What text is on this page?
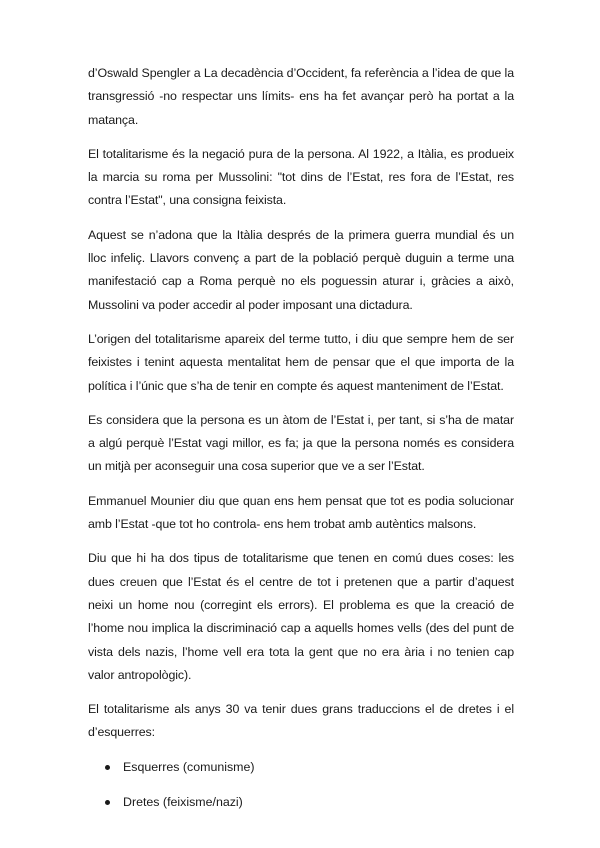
d’Oswald Spengler a La decadència d’Occident, fa referència a l’idea de que la transgressió -no respectar uns límits- ens ha fet avançar però ha portat a la matança.

El totalitarisme és la negació pura de la persona. Al 1922, a Itàlia, es produeix la marcia su roma per Mussolini: "tot dins de l’Estat, res fora de l’Estat, res contra l’Estat", una consigna feixista.

Aquest se n’adona que la Itàlia després de la primera guerra mundial és un lloc infeliç. Llavors convenç a part de la població perquè duguin a terme una manifestació cap a Roma perquè no els poguessin aturar i, gràcies a això, Mussolini va poder accedir al poder imposant una dictadura.

L’origen del totalitarisme apareix del terme tutto, i diu que sempre hem de ser feixistes i tenint aquesta mentalitat hem de pensar que el que importa de la política i l’únic que s’ha de tenir en compte és aquest manteniment de l’Estat.

Es considera que la persona es un àtom de l’Estat i, per tant, si s’ha de matar a algú perquè l’Estat vagi millor, es fa; ja que la persona només es considera un mitjà per aconseguir una cosa superior que ve a ser l’Estat.

Emmanuel Mounier diu que quan ens hem pensat que tot es podia solucionar amb l’Estat -que tot ho controla- ens hem trobat amb autèntics malsons.

Diu que hi ha dos tipus de totalitarisme que tenen en comú dues coses: les dues creuen que l’Estat és el centre de tot i pretenen que a partir d’aquest neixi un home nou (corregint els errors). El problema es que la creació de l’home nou implica la discriminació cap a aquells homes vells (des del punt de vista dels nazis, l’home vell era tota la gent que no era ària i no tenien cap valor antropològic).

El totalitarisme als anys 30 va tenir dues grans traduccions el de dretes i el d’esquerres:

Esquerres (comunisme)
Dretes (feixisme/nazi)
